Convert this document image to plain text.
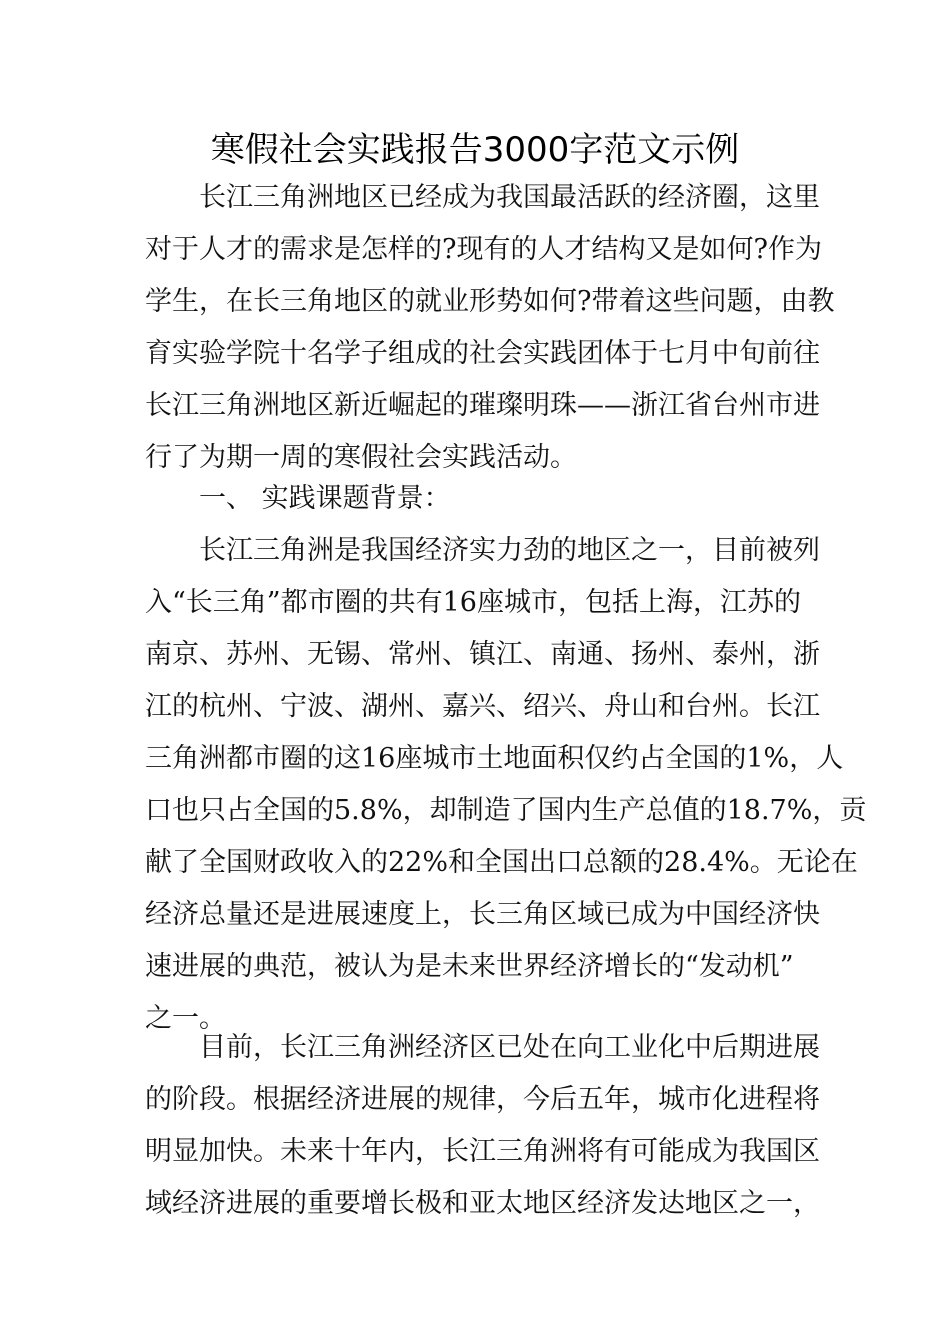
寒假社会实践报告3000字范文示例

长江三角洲地区已经成为我国最活跃的经济圈，这里

对于人才的需求是怎样的?现有的人才结构又是如何?作为

学生，在长三角地区的就业形势如何?带着这些问题，由教

育实验学院十名学子组成的社会实践团体于七月中旬前往

长江三角洲地区新近崛起的璀璨明珠——浙江省台州市进

行了为期一周的寒假社会实践活动。

一、 实践课题背景：

长江三角洲是我国经济实力劲的地区之一，目前被列

入“长三角”都市圈的共有16座城市，包括上海，江苏的

南京、苏州、无锡、常州、镇江、南通、扬州、泰州，浙

江的杭州、宁波、湖州、嘉兴、绍兴、舟山和台州。长江

三角洲都市圈的这16座城市土地面积仅约占全国的1%，人

口也只占全国的5.8%，却制造了国内生产总值的18.7%，贡

献了全国财政收入的22%和全国出口总额的28.4%。无论在

经济总量还是进展速度上，长三角区域已成为中国经济快

速进展的典范，被认为是未来世界经济增长的“发动机”

之一。

目前，长江三角洲经济区已处在向工业化中后期进展

的阶段。根据经济进展的规律，今后五年，城市化进程将

明显加快。未来十年内，长江三角洲将有可能成为我国区

域经济进展的重要增长极和亚太地区经济发达地区之一，
